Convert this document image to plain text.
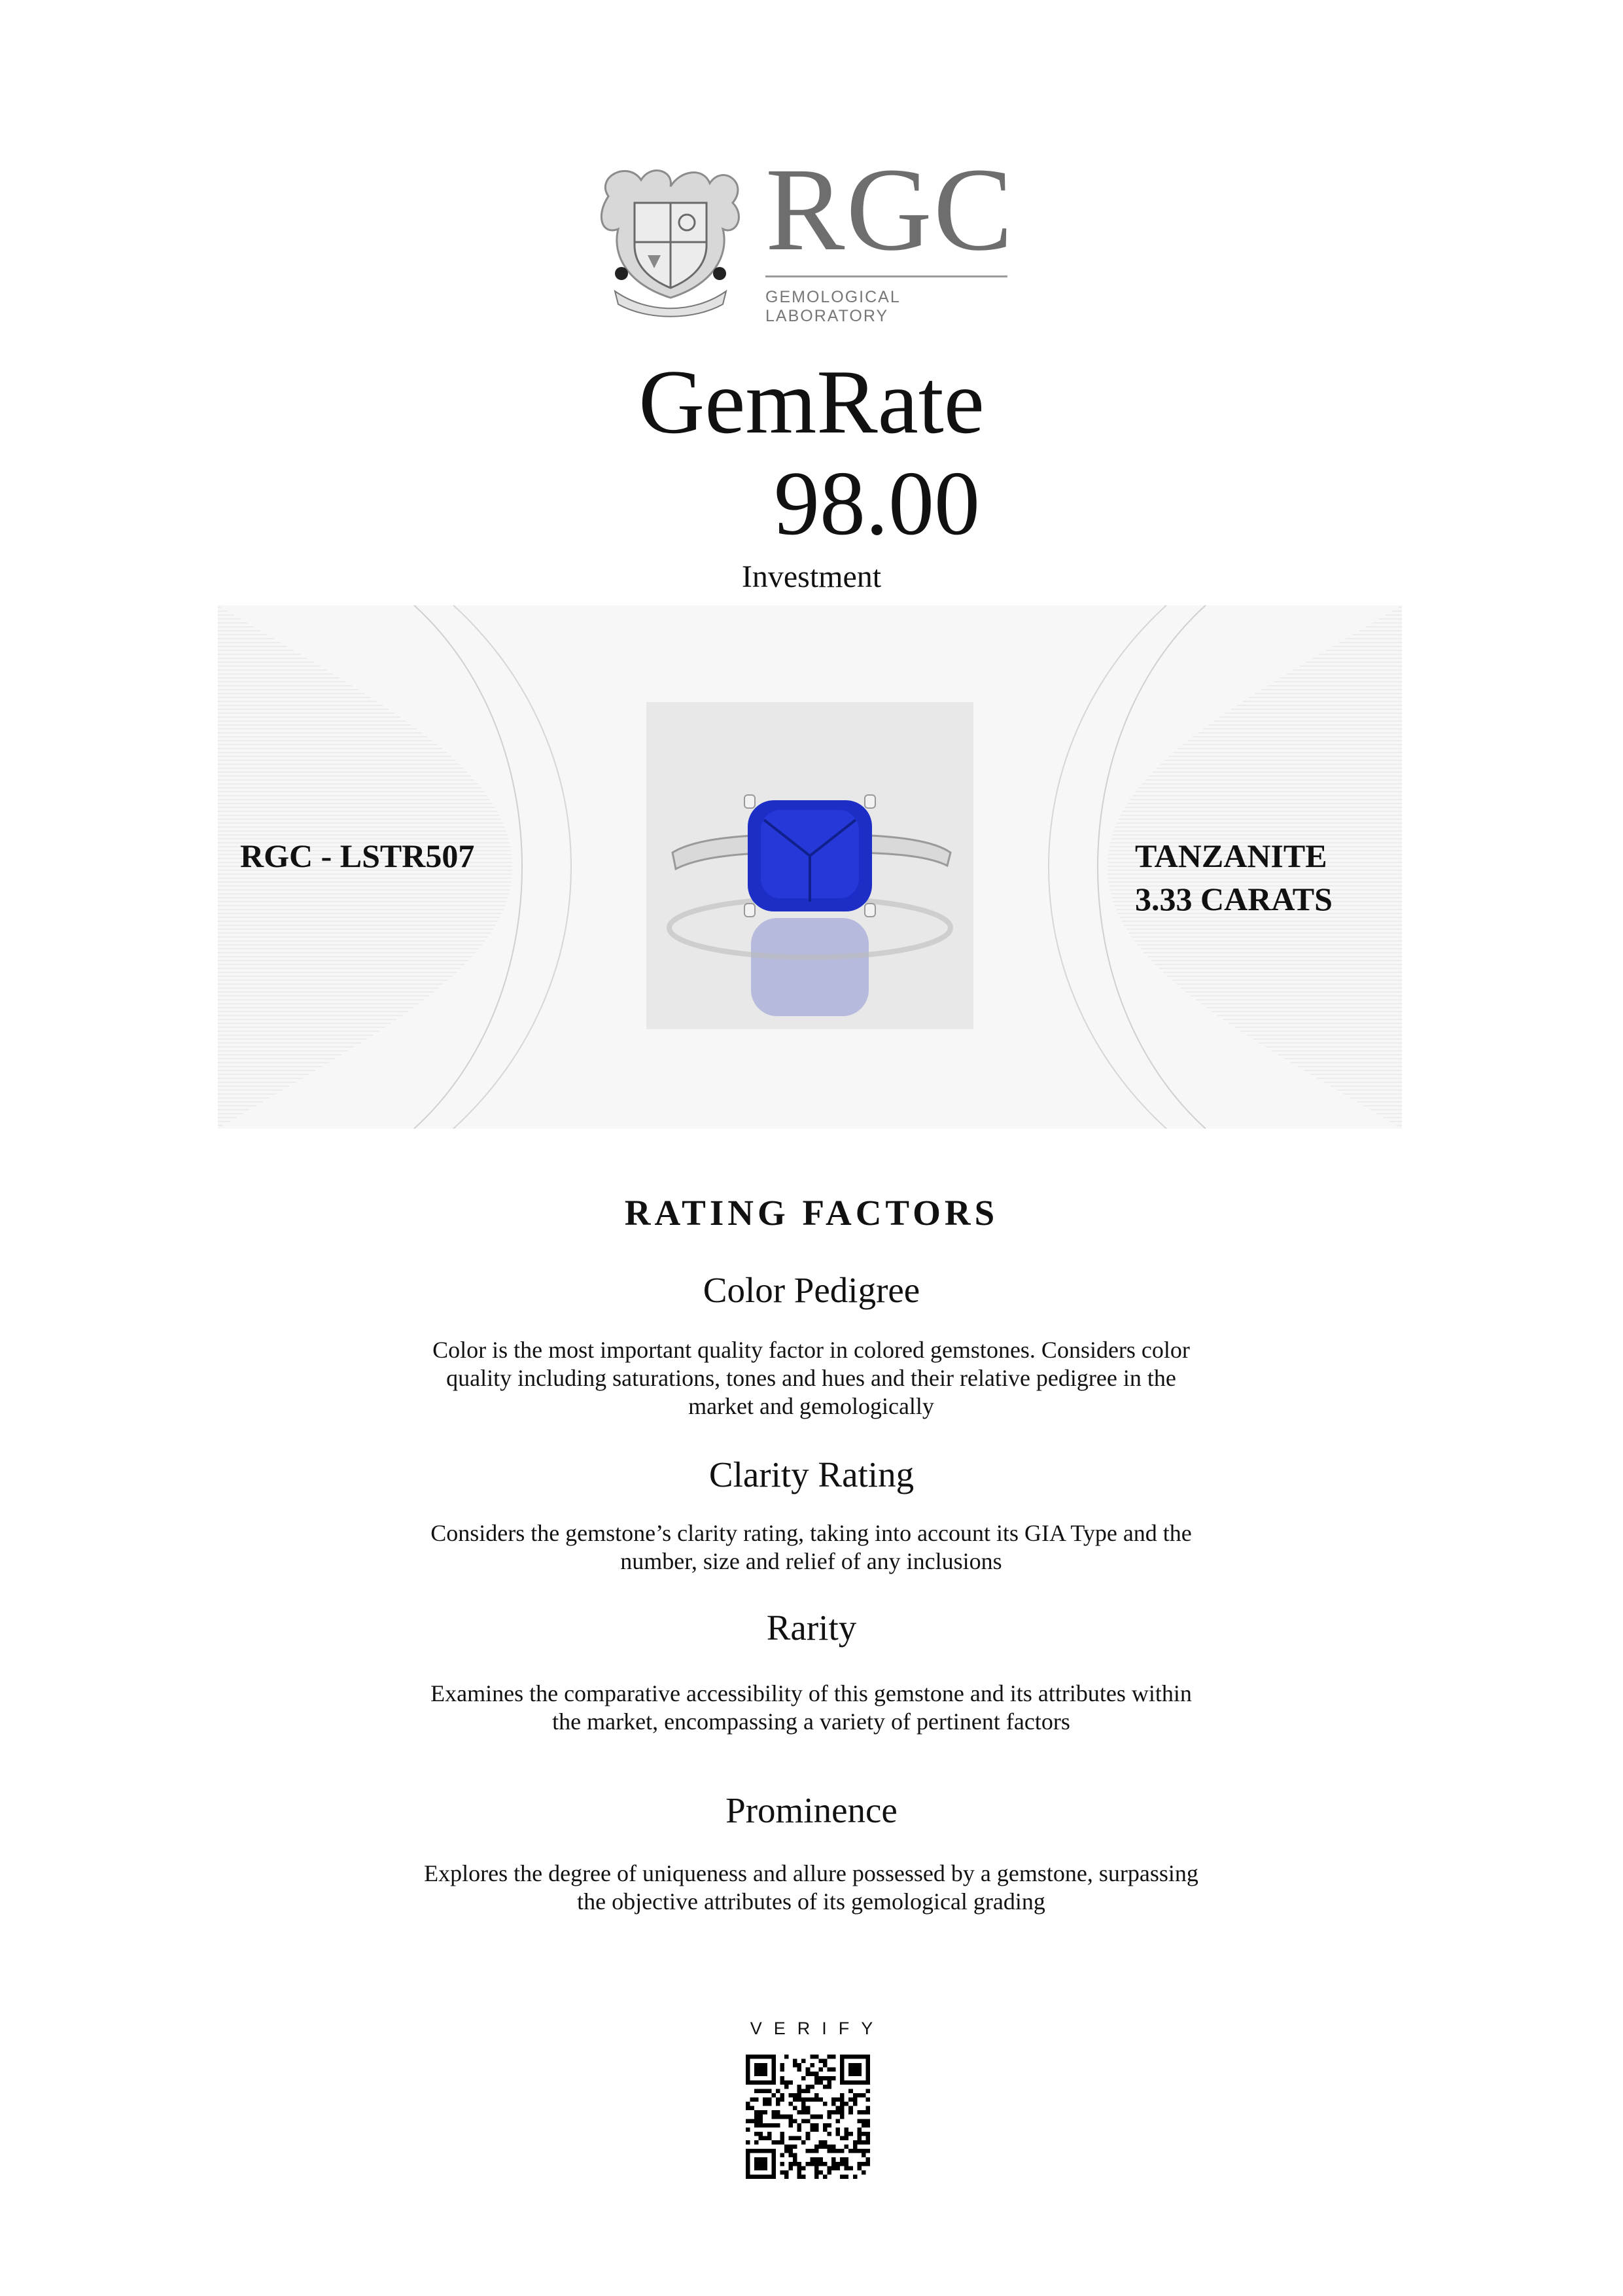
RGC
GEMOLOGICAL LABORATORY
GemRate
98.00
Investment
RGC - LSTR507	TANZANITE
3.33 CARATS
RATING FACTORS
Color Pedigree
Color is the most important quality factor in colored gemstones. Considers color quality including saturations, tones and hues and their relative pedigree in the market and gemologically
Clarity Rating
Considers the gemstone’s clarity rating, taking into account its GIA Type and the number, size and relief of any inclusions
Rarity
Examines the comparative accessibility of this gemstone and its attributes within the market, encompassing a variety of pertinent factors
Prominence
Explores the degree of uniqueness and allure possessed by a gemstone, surpassing the objective attributes of its gemological grading
VERIFY
